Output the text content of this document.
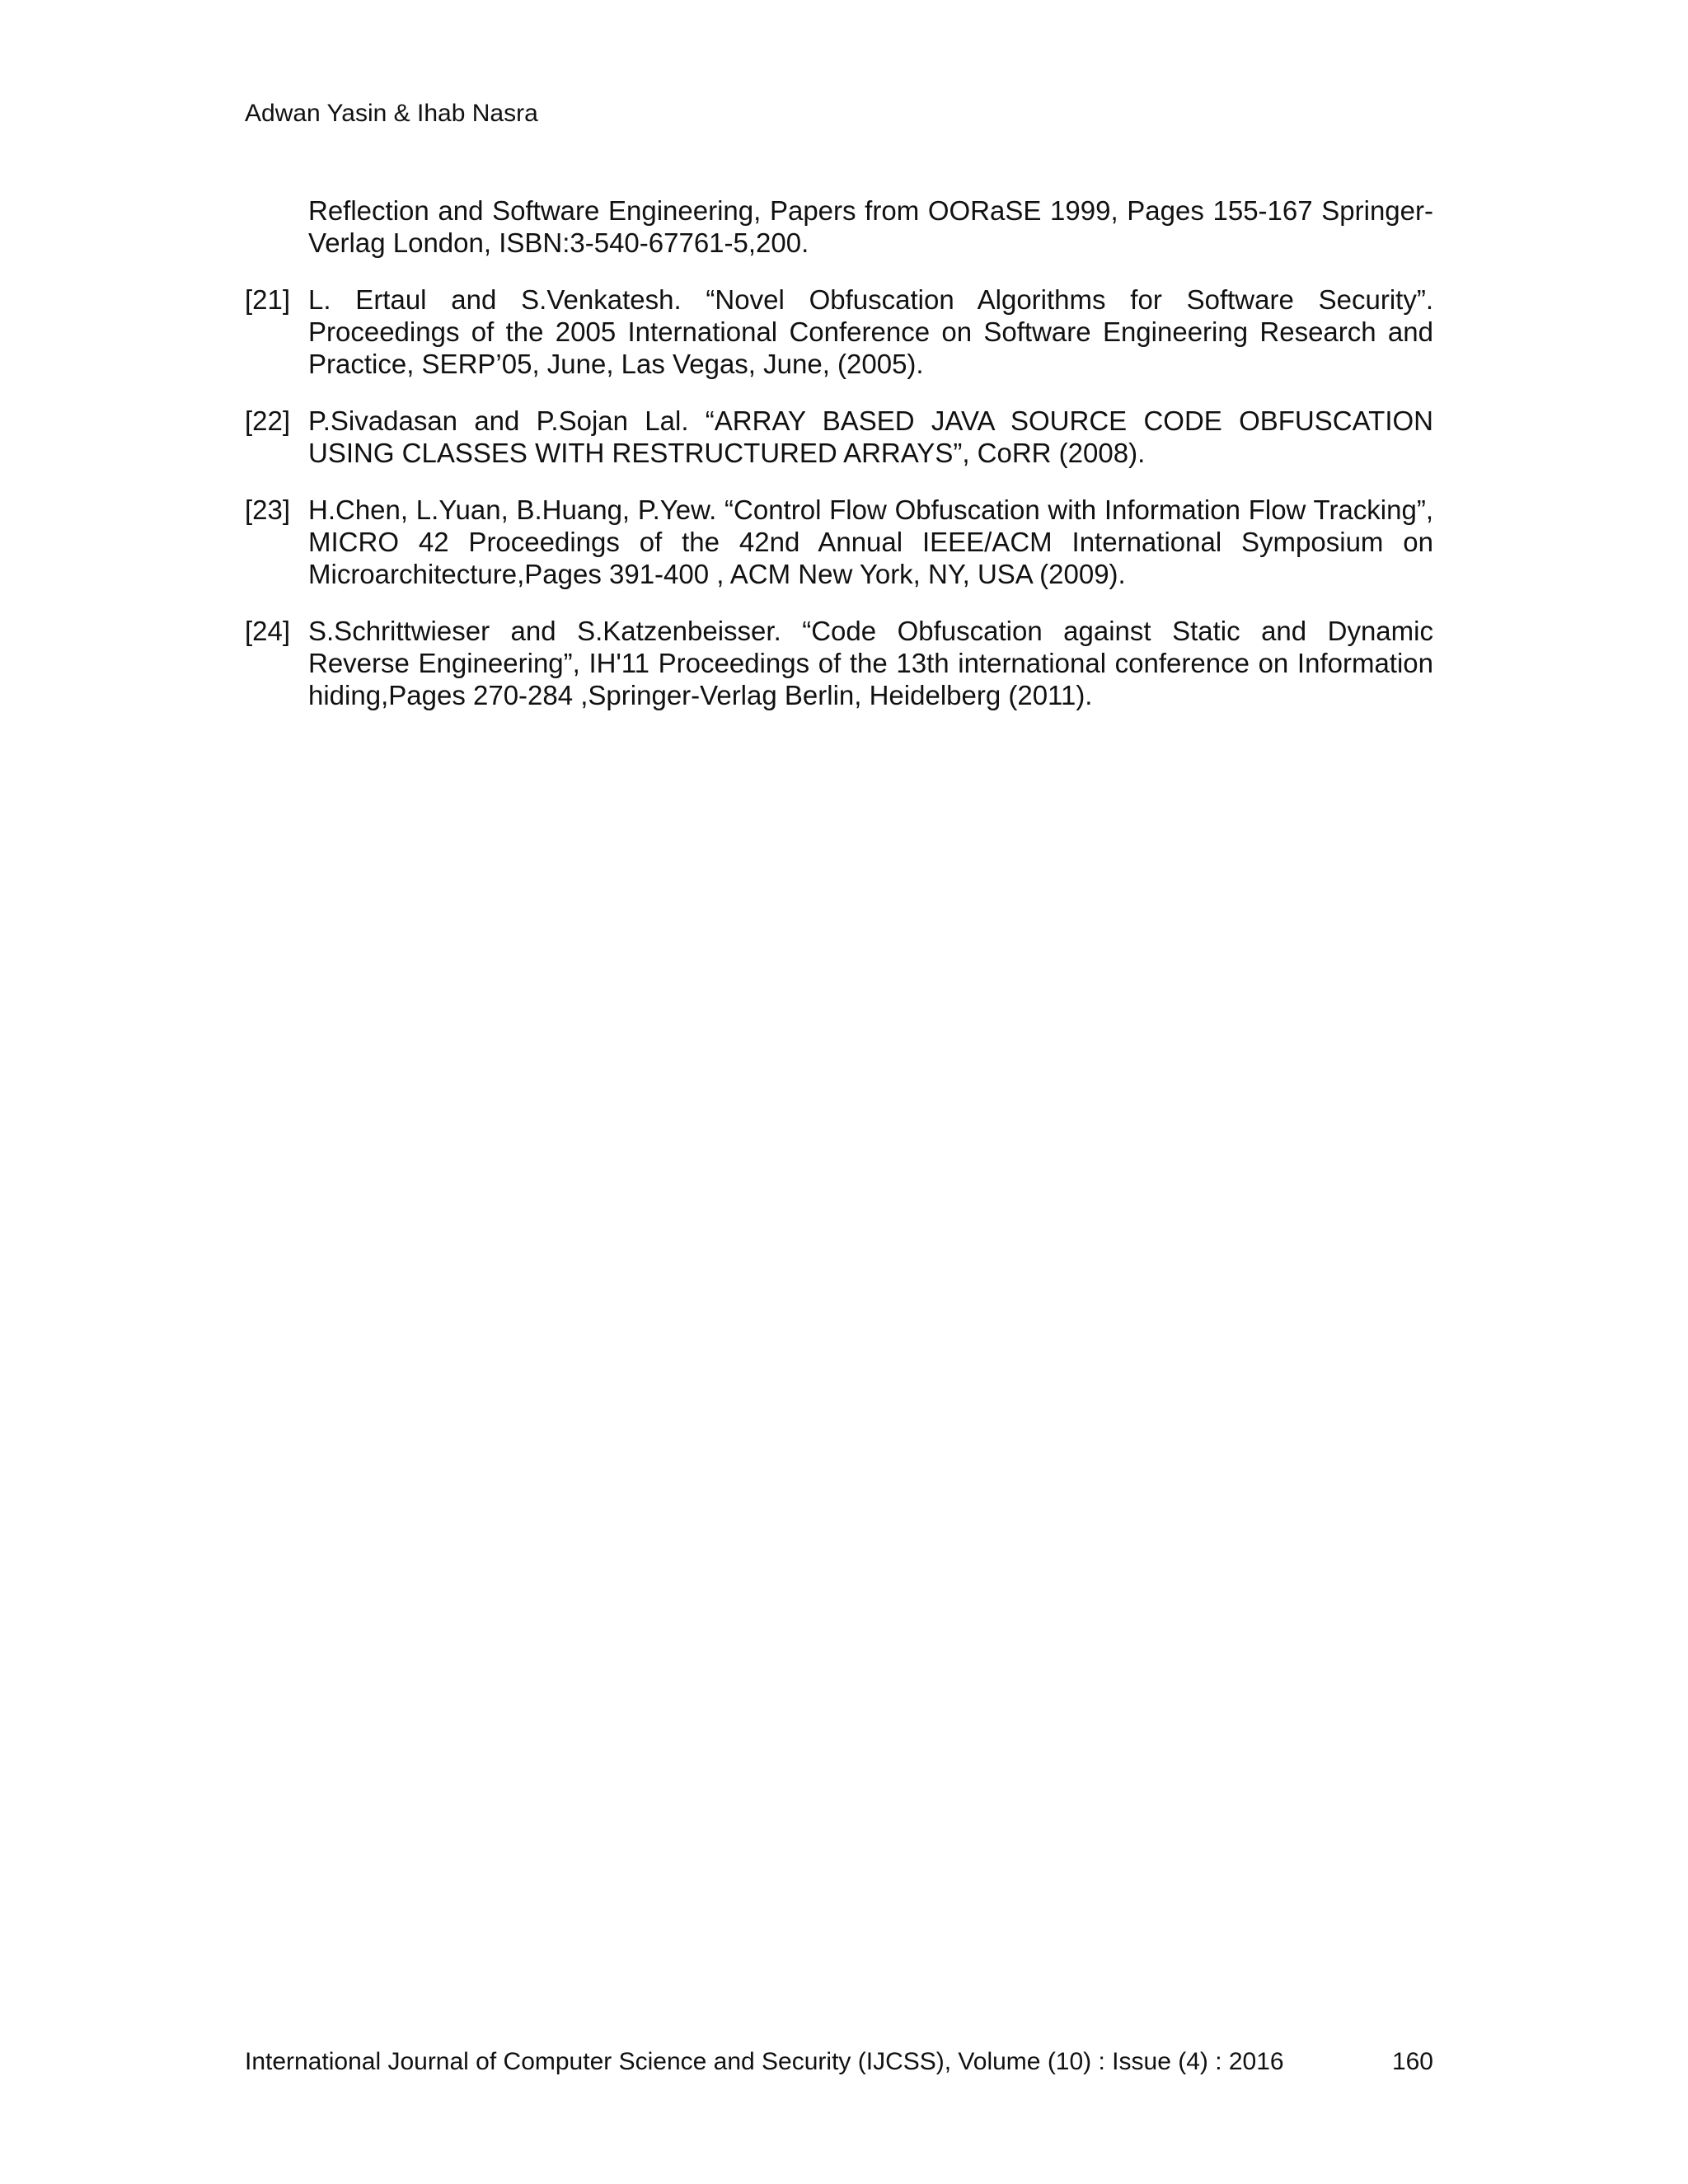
Adwan Yasin & Ihab Nasra
Reflection and Software Engineering, Papers from OORaSE 1999, Pages 155-167 Springer-Verlag London, ISBN:3-540-67761-5,200.
[21] L. Ertaul and S.Venkatesh. “Novel Obfuscation Algorithms for Software Security”. Proceedings of the 2005 International Conference on Software Engineering Research and Practice, SERP’05, June, Las Vegas, June, (2005).
[22] P.Sivadasan and P.Sojan Lal. “ARRAY BASED JAVA SOURCE CODE OBFUSCATION USING CLASSES WITH RESTRUCTURED ARRAYS”, CoRR (2008).
[23] H.Chen, L.Yuan, B.Huang, P.Yew. “Control Flow Obfuscation with Information Flow Tracking”, MICRO 42 Proceedings of the 42nd Annual IEEE/ACM International Symposium on Microarchitecture,Pages 391-400 , ACM New York, NY, USA (2009).
[24] S.Schrittwieser and S.Katzenbeisser. “Code Obfuscation against Static and Dynamic Reverse Engineering”, IH'11 Proceedings of the 13th international conference on Information hiding,Pages 270-284 ,Springer-Verlag Berlin, Heidelberg (2011).
International Journal of Computer Science and Security (IJCSS), Volume (10) : Issue (4) : 2016	160
